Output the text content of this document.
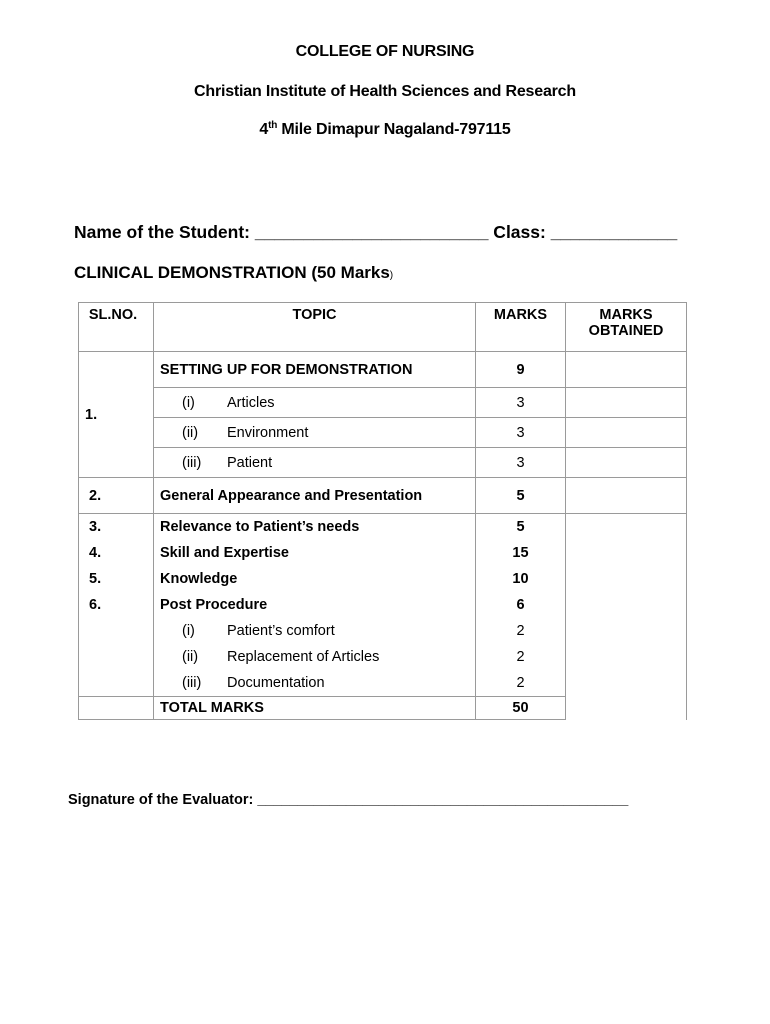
COLLEGE OF NURSING
Christian Institute of Health Sciences and Research
4th Mile Dimapur Nagaland-797115
Name of the Student: ________________________ Class: _____________
CLINICAL DEMONSTRATION (50 Marks)
SL.NO.	TOPIC	MARKS	MARKS OBTAINED
1.	SETTING UP FOR DEMONSTRATION	9	
	(i) Articles	3	
	(ii) Environment	3	
	(iii) Patient	3	
2.	General Appearance and Presentation	5	
3.	Relevance to Patient’s needs	5	
4.	Skill and Expertise	15	
5.	Knowledge	10	
6.	Post Procedure	6	
	(i) Patient’s comfort	2	
	(ii) Replacement of Articles	2	
	(iii) Documentation	2	
	TOTAL MARKS	50	
Signature of the Evaluator: ______________________________________________
